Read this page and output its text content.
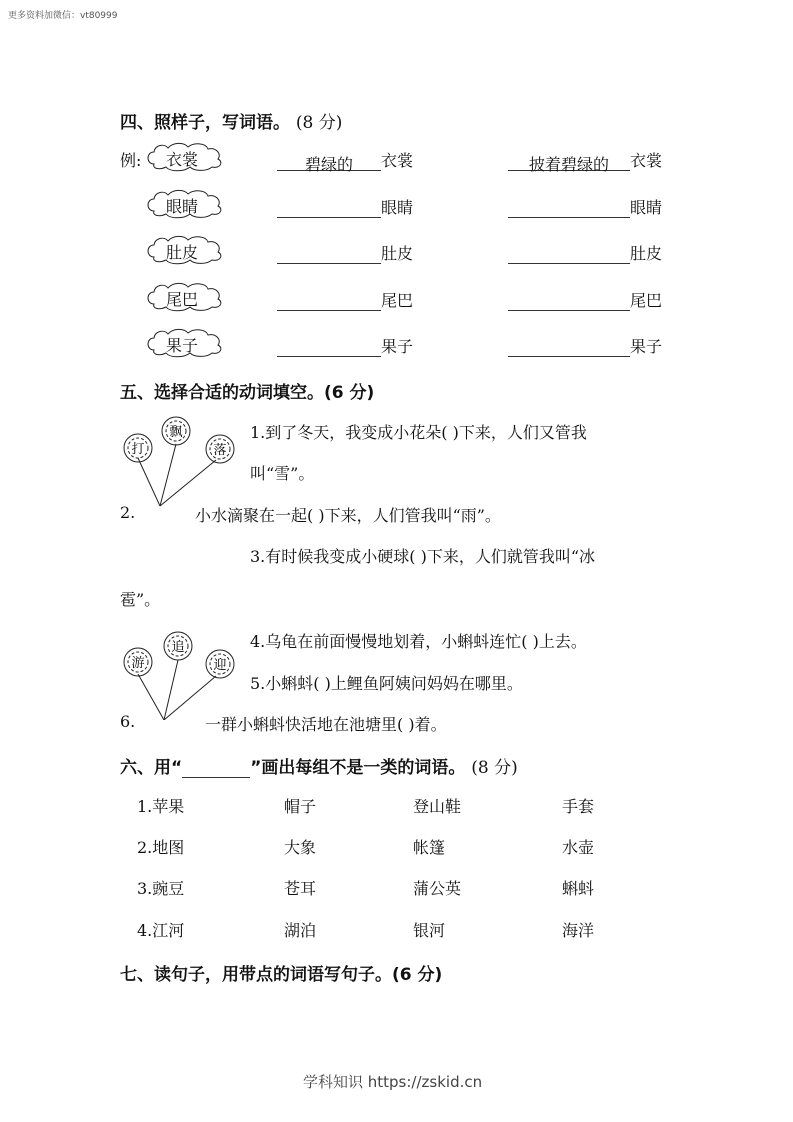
更多资料加微信：vt80999
四、照样子，写词语。 (8 分)
例: 衣裳	碧绿的 衣裳	披着碧绿的 衣裳
眼睛	眼睛	眼睛
肚皮	肚皮	肚皮
尾巴	尾巴	尾巴
果子	果子	果子
五、选择合适的动词填空。(6 分)
打
飘
落
1.到了冬天，我变成小花朵( )下来，人们又管我
叫“雪”。
2.	小水滴聚在一起( )下来，人们管我叫“雨”。
3.有时候我变成小硬球( )下来，人们就管我叫“冰
雹”。
游
追
迎
4.乌龟在前面慢慢地划着，小蝌蚪连忙( )上去。
5.小蝌蚪( )上鲤鱼阿姨问妈妈在哪里。
6.	一群小蝌蚪快活地在池塘里( )着。
六、用“	”画出每组不是一类的词语。 (8 分)
1.苹果	帽子	登山鞋	手套
2.地图	大象	帐篷	水壶
3.豌豆	苍耳	蒲公英	蝌蚪
4.江河	湖泊	银河	海洋
七、读句子，用带点的词语写句子。(6 分)
学科知识 https://zskid.cn
